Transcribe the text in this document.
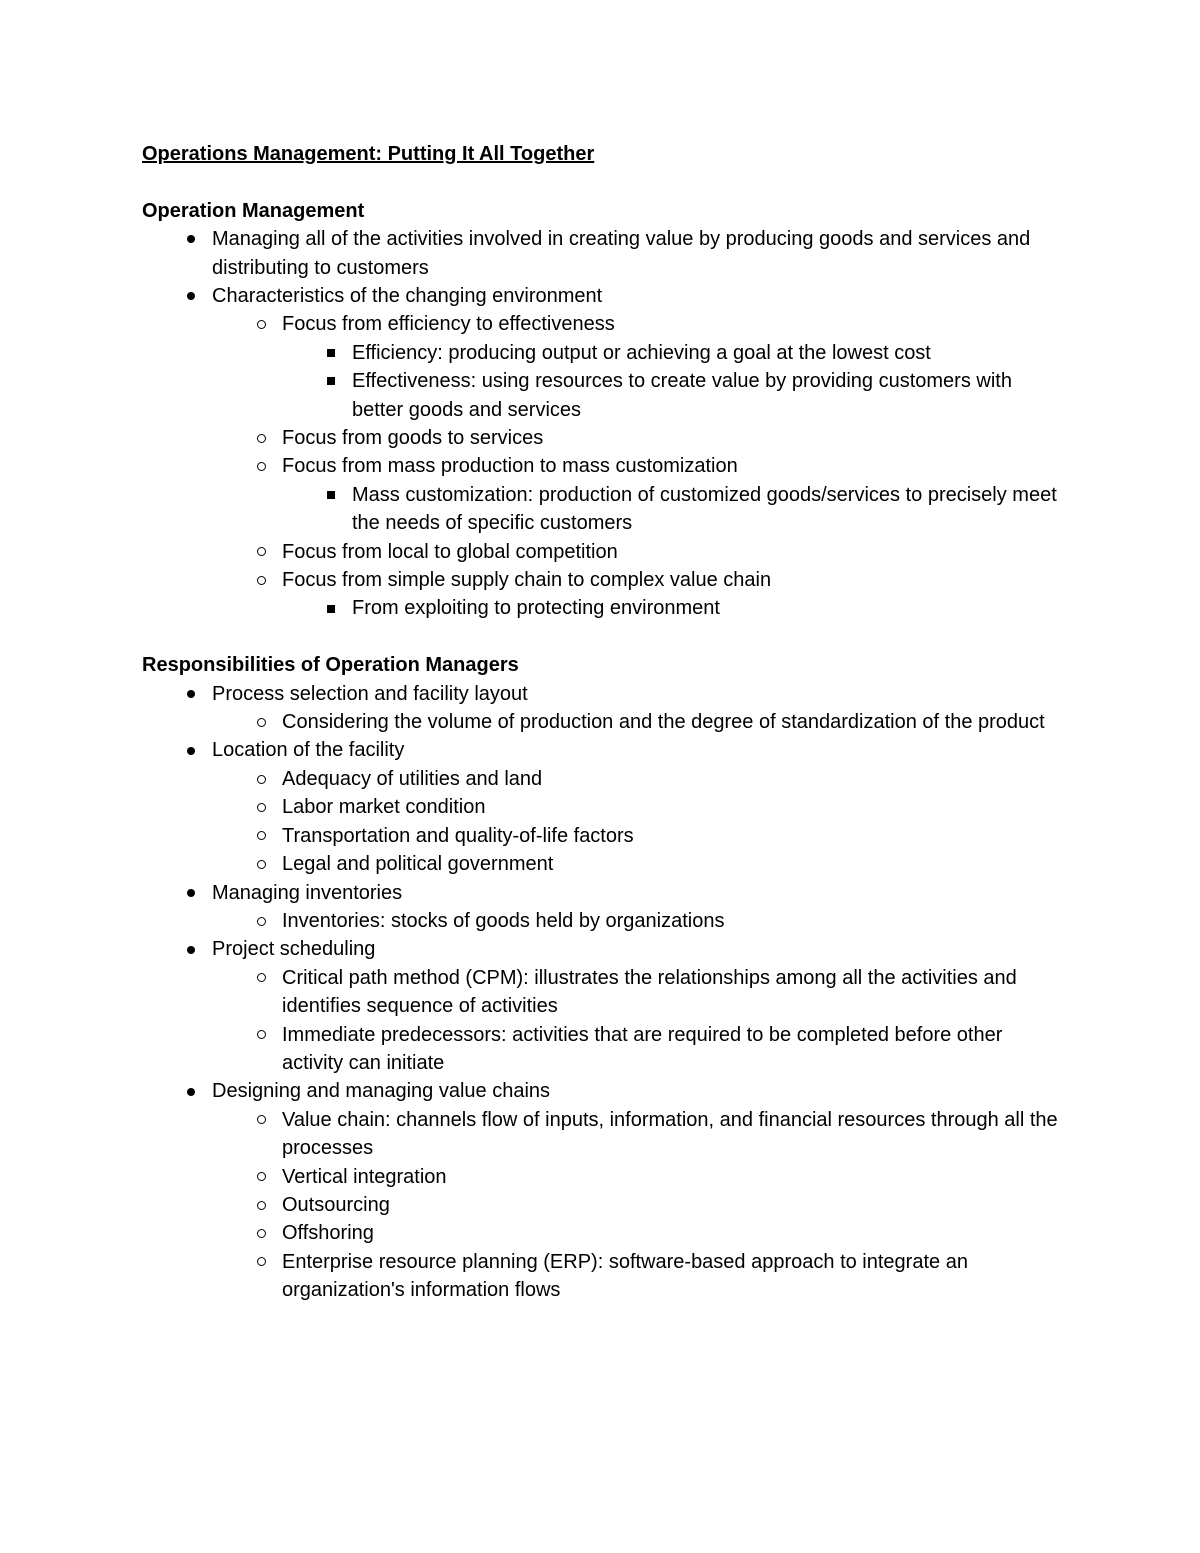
Operations Management: Putting It All Together
Operation Management
Managing all of the activities involved in creating value by producing goods and services and distributing to customers
Characteristics of the changing environment
Focus from efficiency to effectiveness
Efficiency: producing output or achieving a goal at the lowest cost
Effectiveness: using resources to create value by providing customers with better goods and services
Focus from goods to services
Focus from mass production to mass customization
Mass customization: production of customized goods/services to precisely meet the needs of specific customers
Focus from local to global competition
Focus from simple supply chain to complex value chain
From exploiting to protecting environment
Responsibilities of Operation Managers
Process selection and facility layout
Considering the volume of production and the degree of standardization of the product
Location of the facility
Adequacy of utilities and land
Labor market condition
Transportation and quality-of-life factors
Legal and political government
Managing inventories
Inventories: stocks of goods held by organizations
Project scheduling
Critical path method (CPM): illustrates the relationships among all the activities and identifies sequence of activities
Immediate predecessors: activities that are required to be completed before other activity can initiate
Designing and managing value chains
Value chain: channels flow of inputs, information, and financial resources through all the processes
Vertical integration
Outsourcing
Offshoring
Enterprise resource planning (ERP): software-based approach to integrate an organization's information flows
